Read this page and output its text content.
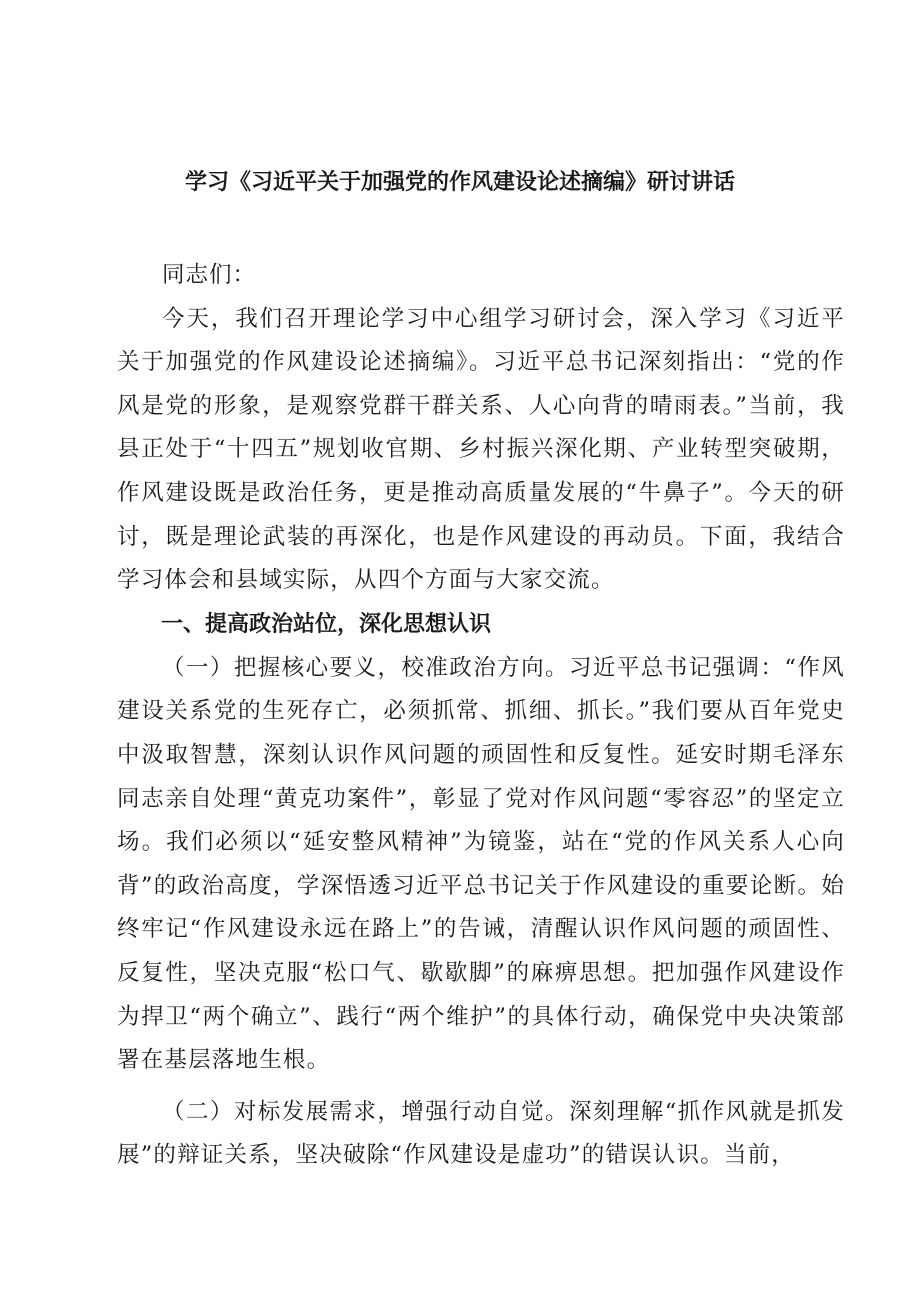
学习《习近平关于加强党的作风建设论述摘编》研讨讲话

同志们：

今天，我们召开理论学习中心组学习研讨会，深入学习《习近平关于加强党的作风建设论述摘编》。习近平总书记深刻指出：“党的作风是党的形象，是观察党群干群关系、人心向背的晴雨表。”当前，我县正处于“十四五”规划收官期、乡村振兴深化期、产业转型突破期，作风建设既是政治任务，更是推动高质量发展的“牛鼻子”。今天的研讨，既是理论武装的再深化，也是作风建设的再动员。下面，我结合学习体会和县域实际，从四个方面与大家交流。

一、提高政治站位，深化思想认识

（一）把握核心要义，校准政治方向。习近平总书记强调：“作风建设关系党的生死存亡，必须抓常、抓细、抓长。”我们要从百年党史中汲取智慧，深刻认识作风问题的顽固性和反复性。延安时期毛泽东同志亲自处理“黄克功案件”，彰显了党对作风问题“零容忍”的坚定立场。我们必须以“延安整风精神”为镜鉴，站在“党的作风关系人心向背”的政治高度，学深悟透习近平总书记关于作风建设的重要论断。始终牢记“作风建设永远在路上”的告诫，清醒认识作风问题的顽固性、反复性，坚决克服“松口气、歇歇脚”的麻痹思想。把加强作风建设作为捍卫“两个确立”、践行“两个维护”的具体行动，确保党中央决策部署在基层落地生根。

（二）对标发展需求，增强行动自觉。深刻理解“抓作风就是抓发展”的辩证关系，坚决破除“作风建设是虚功”的错误认识。当前，
